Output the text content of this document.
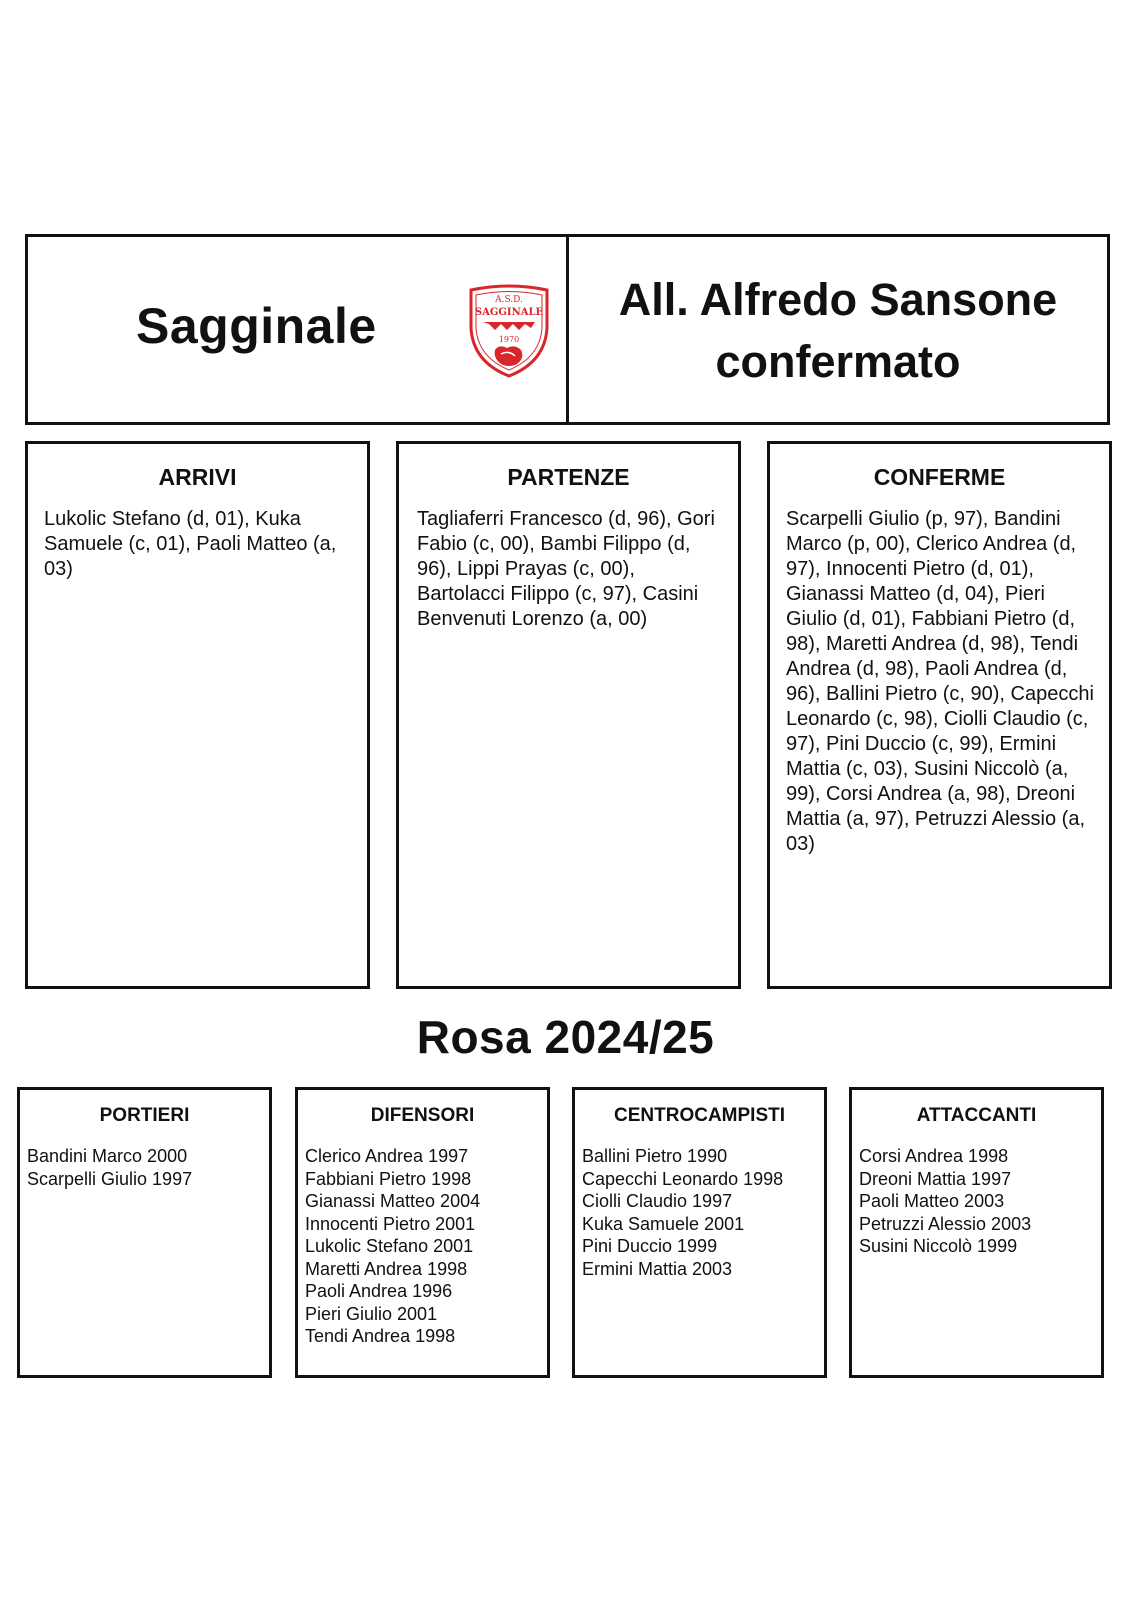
Sagginale	A.S.D.
SAGGINALE
1970
All. Alfredo Sansone
confermato
ARRIVI
Lukolic Stefano (d, 01), Kuka Samuele (c, 01), Paoli Matteo (a, 03)
PARTENZE
Tagliaferri Francesco (d, 96), Gori Fabio (c, 00), Bambi Filippo (d, 96), Lippi Prayas (c, 00), Bartolacci Filippo (c, 97), Casini Benvenuti Lorenzo (a, 00)
CONFERME
Scarpelli Giulio (p, 97), Bandini Marco (p, 00), Clerico Andrea (d, 97), Innocenti Pietro (d, 01), Gianassi Matteo (d, 04), Pieri Giulio (d, 01), Fabbiani Pietro (d, 98), Maretti Andrea (d, 98), Tendi Andrea (d, 98), Paoli Andrea (d, 96), Ballini Pietro (c, 90), Capecchi Leonardo (c, 98), Ciolli Claudio (c, 97), Pini Duccio (c, 99), Ermini Mattia (c, 03), Susini Niccolò (a, 99), Corsi Andrea (a, 98), Dreoni Mattia (a, 97), Petruzzi Alessio (a, 03)
Rosa 2024/25
PORTIERI
Bandini Marco 2000
Scarpelli Giulio 1997
DIFENSORI
Clerico Andrea 1997
Fabbiani Pietro 1998
Gianassi Matteo 2004
Innocenti Pietro 2001
Lukolic Stefano 2001
Maretti Andrea 1998
Paoli Andrea 1996
Pieri Giulio 2001
Tendi Andrea 1998
CENTROCAMPISTI
Ballini Pietro 1990
Capecchi Leonardo 1998
Ciolli Claudio 1997
Kuka Samuele 2001
Pini Duccio 1999
Ermini Mattia 2003
ATTACCANTI
Corsi Andrea 1998
Dreoni Mattia 1997
Paoli Matteo 2003
Petruzzi Alessio 2003
Susini Niccolò 1999
